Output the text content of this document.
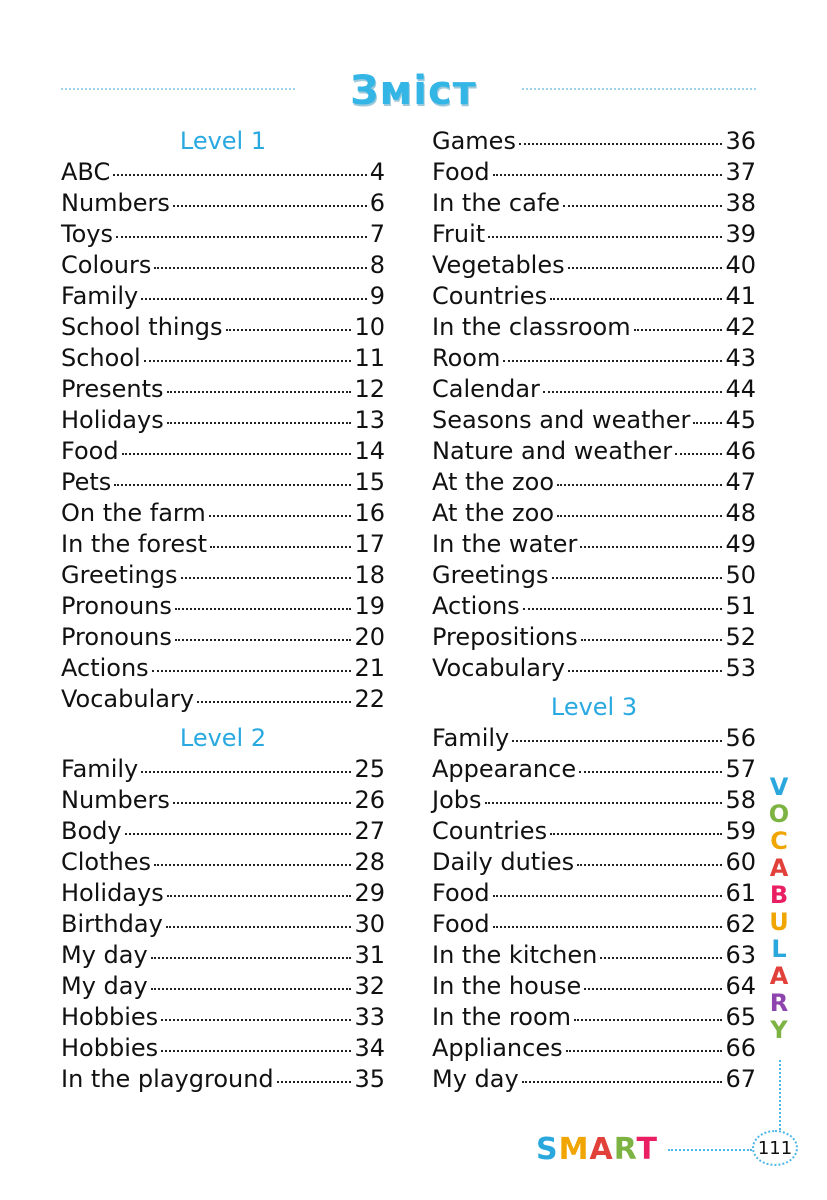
Зміст
Level 1
ABC	4
Numbers	6
Toys	7
Colours	8
Family	9
School things	10
School	11
Presents	12
Holidays	13
Food	14
Pets	15
On the farm	16
In the forest	17
Greetings	18
Pronouns	19
Pronouns	20
Actions	21
Vocabulary	22
Level 2
Family	25
Numbers	26
Body	27
Clothes	28
Holidays	29
Birthday	30
My day	31
My day	32
Hobbies	33
Hobbies	34
In the playground	35
Games	36
Food	37
In the cafe	38
Fruit	39
Vegetables	40
Countries	41
In the classroom	42
Room	43
Calendar	44
Seasons and weather 45
Nature and weather 46
At the zoo	47
At the zoo	48
In the water	49
Greetings	50
Actions	51
Prepositions	52
Vocabulary	53
Level 3
Family	56
Appearance	57
Jobs	58
Countries	59
Daily duties	60
Food	61
Food	62
In the kitchen	63
In the house	64
In the room	65
Appliances	66
My day	67
V
O
C
A
B
U
L
A
R
Y
SMART	111
